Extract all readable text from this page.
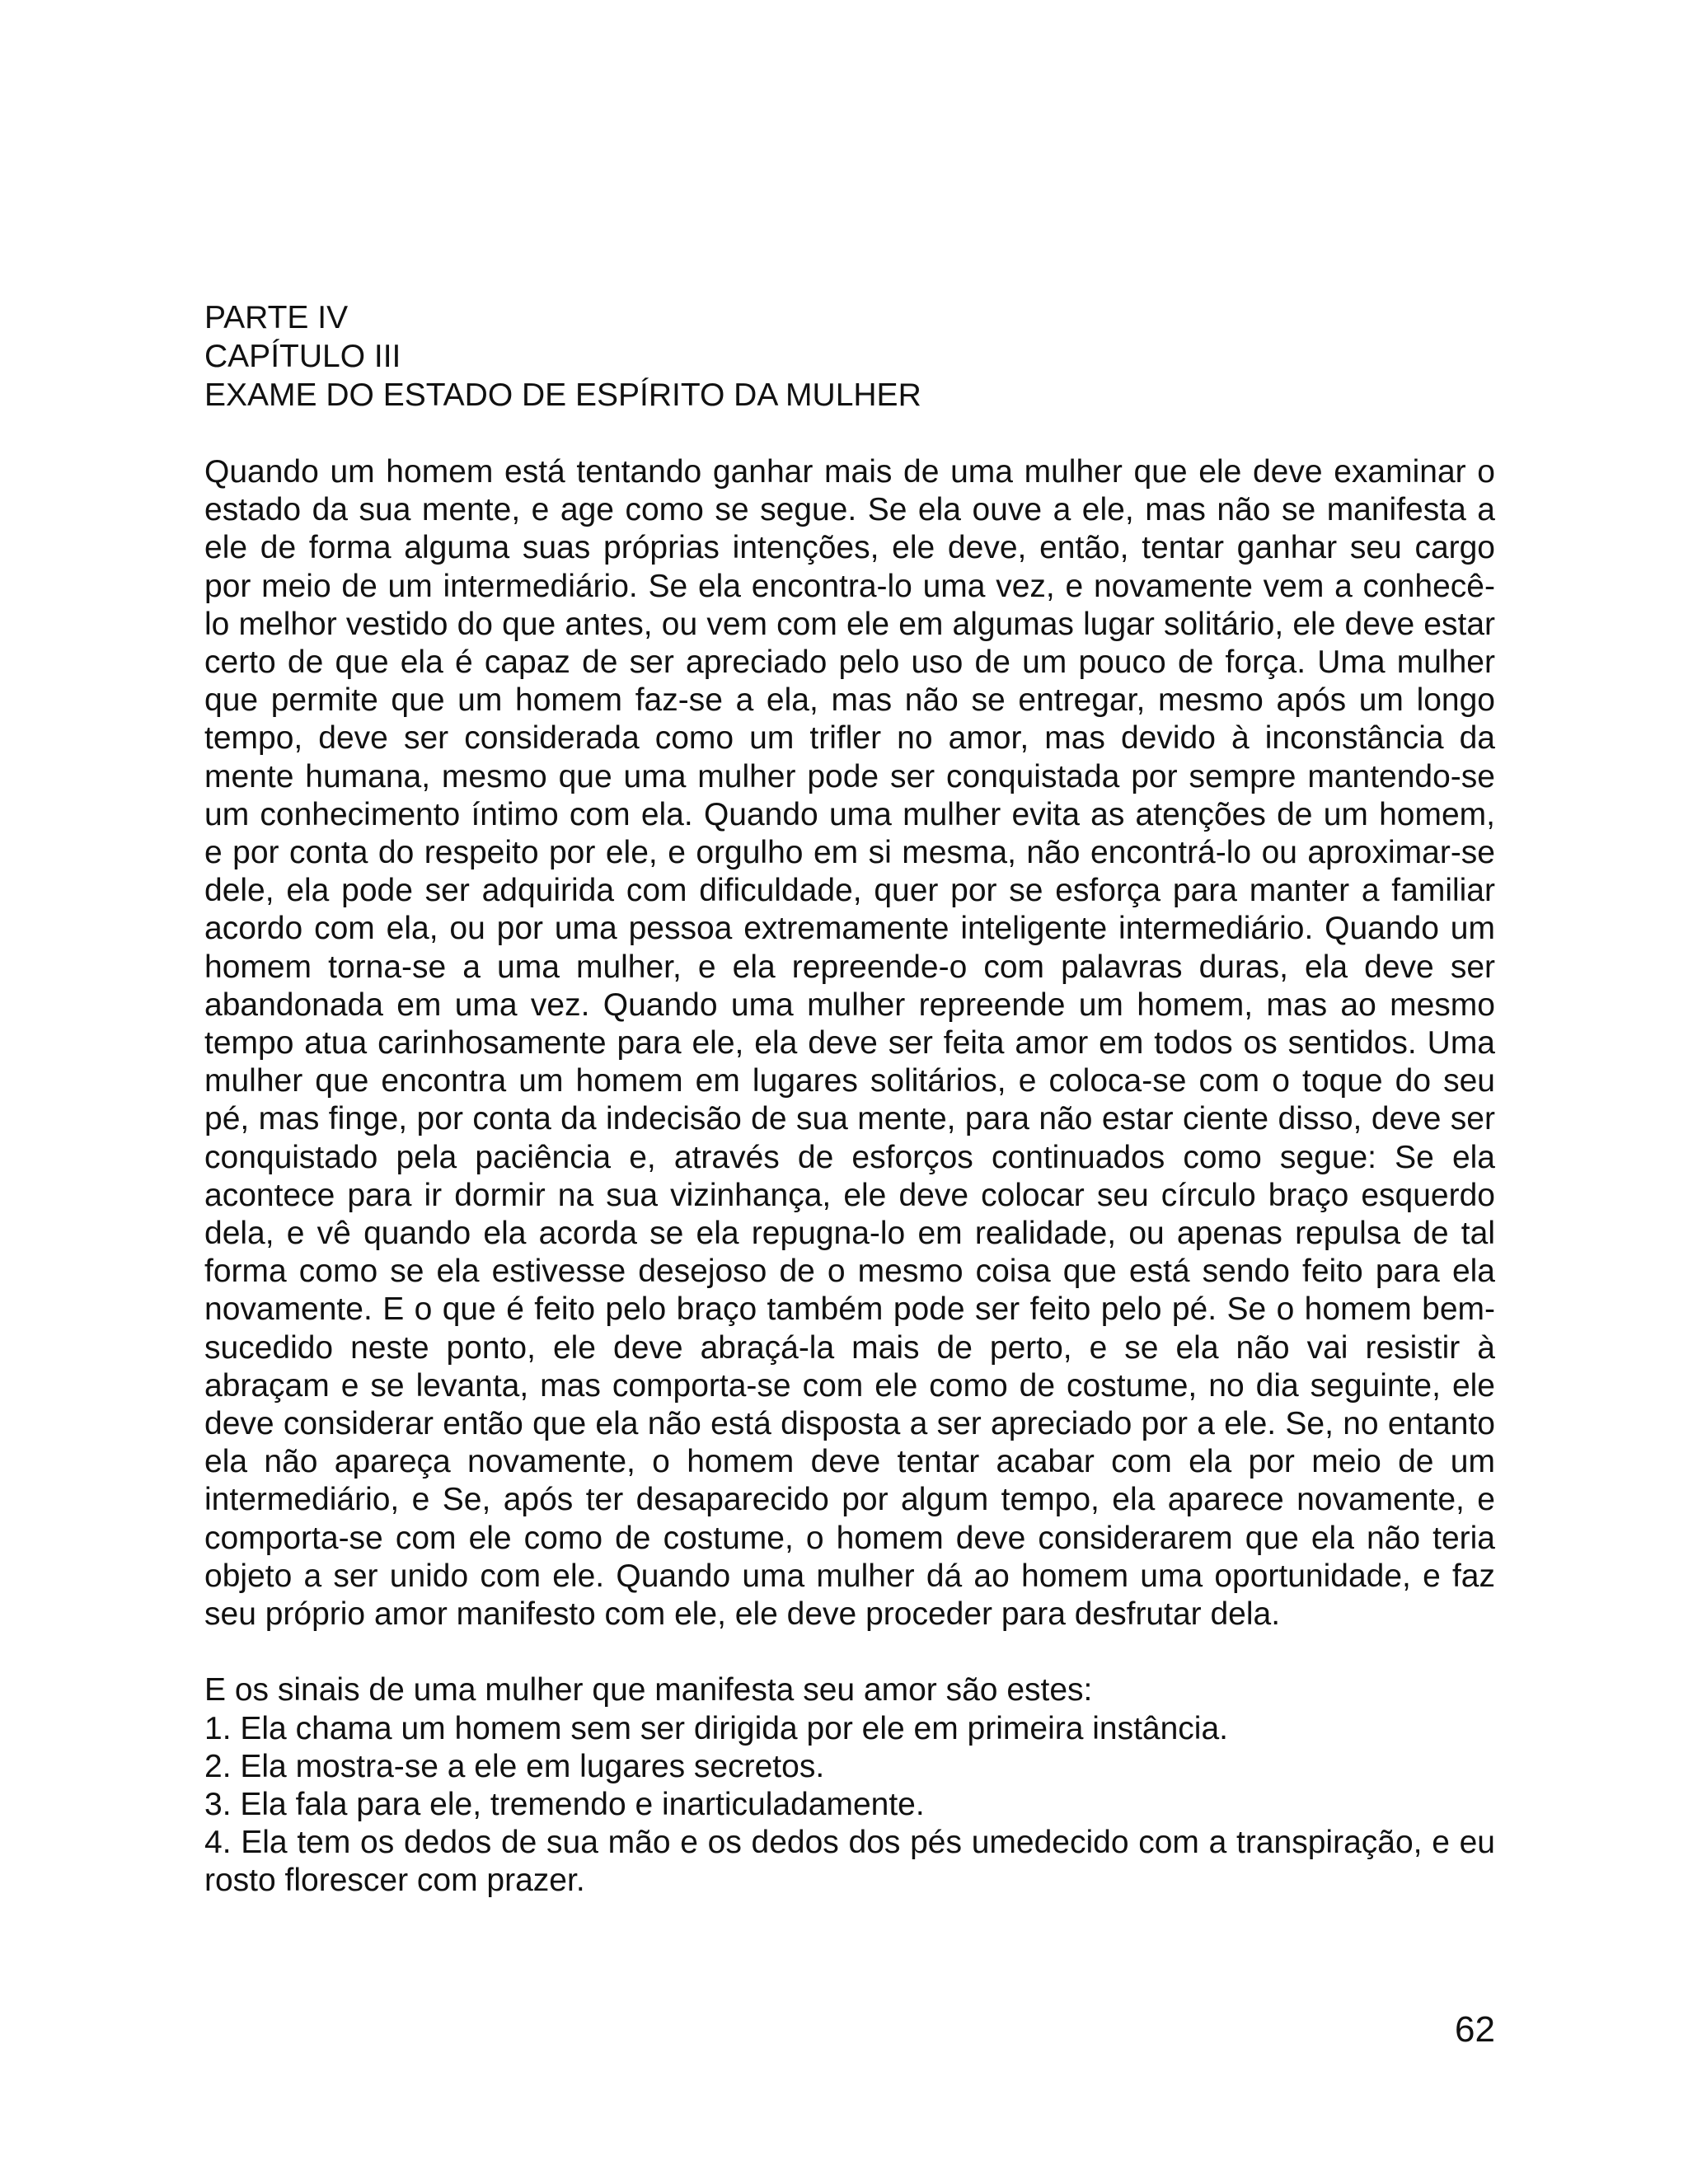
PARTE IV

CAPÍTULO III

EXAME DO ESTADO DE ESPÍRITO DA MULHER

Quando um homem está tentando ganhar mais de uma mulher que ele deve examinar o estado da sua mente, e age como se segue. Se ela ouve a ele, mas não se manifesta a ele de forma alguma suas próprias intenções, ele deve, então, tentar ganhar seu cargo por meio de um intermediário. Se ela encontra-lo uma vez, e novamente vem a conhecê-lo melhor vestido do que antes, ou vem com ele em algumas lugar solitário, ele deve estar certo de que ela é capaz de ser apreciado pelo uso de um pouco de força. Uma mulher que permite que um homem faz-se a ela, mas não se entregar, mesmo após um longo tempo, deve ser considerada como um trifler no amor, mas devido à inconstância da mente humana, mesmo que uma mulher pode ser conquistada por sempre mantendo-se um conhecimento íntimo com ela. Quando uma mulher evita as atenções de um homem, e por conta do respeito por ele, e orgulho em si mesma, não encontrá-lo ou aproximar-se dele, ela pode ser adquirida com dificuldade, quer por se esforça para manter a familiar acordo com ela, ou por uma pessoa extremamente inteligente intermediário. Quando um homem torna-se a uma mulher, e ela repreende-o com palavras duras, ela deve ser abandonada em uma vez. Quando uma mulher repreende um homem, mas ao mesmo tempo atua carinhosamente para ele, ela deve ser feita amor em todos os sentidos. Uma mulher que encontra um homem em lugares solitários, e coloca-se com o toque do seu pé, mas finge, por conta da indecisão de sua mente, para não estar ciente disso, deve ser conquistado pela paciência e, através de esforços continuados como segue: Se ela acontece para ir dormir na sua vizinhança, ele deve colocar seu círculo braço esquerdo dela, e vê quando ela acorda se ela repugna-lo em realidade, ou apenas repulsa de tal forma como se ela estivesse desejoso de o mesmo coisa que está sendo feito para ela novamente. E o que é feito pelo braço também pode ser feito pelo pé. Se o homem bem-sucedido neste ponto, ele deve abraçá-la mais de perto, e se ela não vai resistir à abraçam e se levanta, mas comporta-se com ele como de costume, no dia seguinte, ele deve considerar então que ela não está disposta a ser apreciado por a ele. Se, no entanto ela não apareça novamente, o homem deve tentar acabar com ela por meio de um intermediário, e Se, após ter desaparecido por algum tempo, ela aparece novamente, e comporta-se com ele como de costume, o homem deve considerarem que ela não teria objeto a ser unido com ele. Quando uma mulher dá ao homem uma oportunidade, e faz seu próprio amor manifesto com ele, ele deve proceder para desfrutar dela.

E os sinais de uma mulher que manifesta seu amor são estes:

1. Ela chama um homem sem ser dirigida por ele em primeira instância.

2. Ela mostra-se a ele em lugares secretos.

3. Ela fala para ele, tremendo e inarticuladamente.

4. Ela tem os dedos de sua mão e os dedos dos pés umedecido com a transpiração, e eu rosto florescer com prazer.

62
